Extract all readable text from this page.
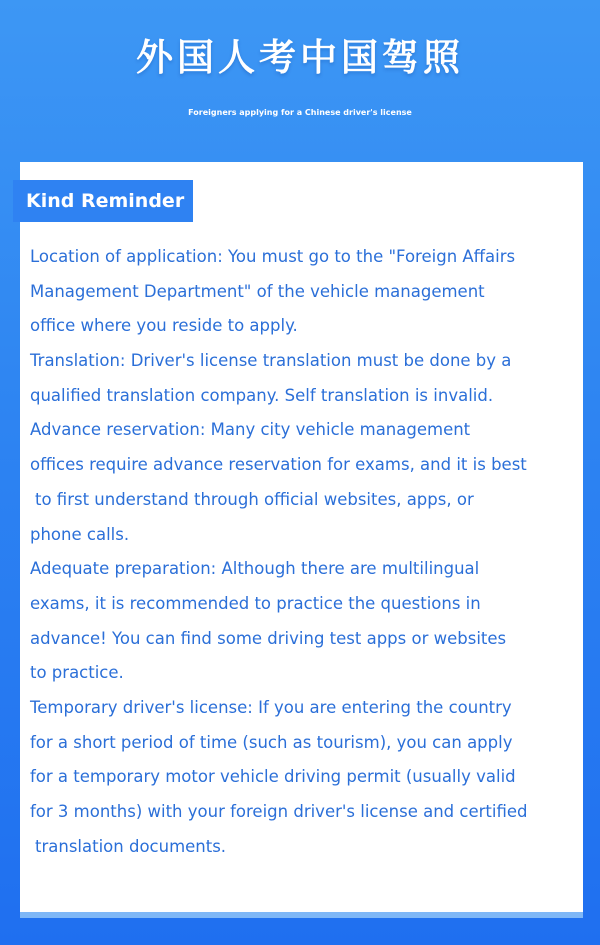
外国人考中国驾照
Foreigners applying for a Chinese driver's license
Kind Reminder
Location of application: You must go to the "Foreign Affairs
Management Department" of the vehicle management
office where you reside to apply.
Translation: Driver's license translation must be done by a
qualified translation company. Self translation is invalid.
Advance reservation: Many city vehicle management
offices require advance reservation for exams, and it is best
to first understand through official websites, apps, or
phone calls.
Adequate preparation: Although there are multilingual
exams, it is recommended to practice the questions in
advance! You can find some driving test apps or websites
to practice.
Temporary driver's license: If you are entering the country
for a short period of time (such as tourism), you can apply
for a temporary motor vehicle driving permit (usually valid
for 3 months) with your foreign driver's license and certified
translation documents.
